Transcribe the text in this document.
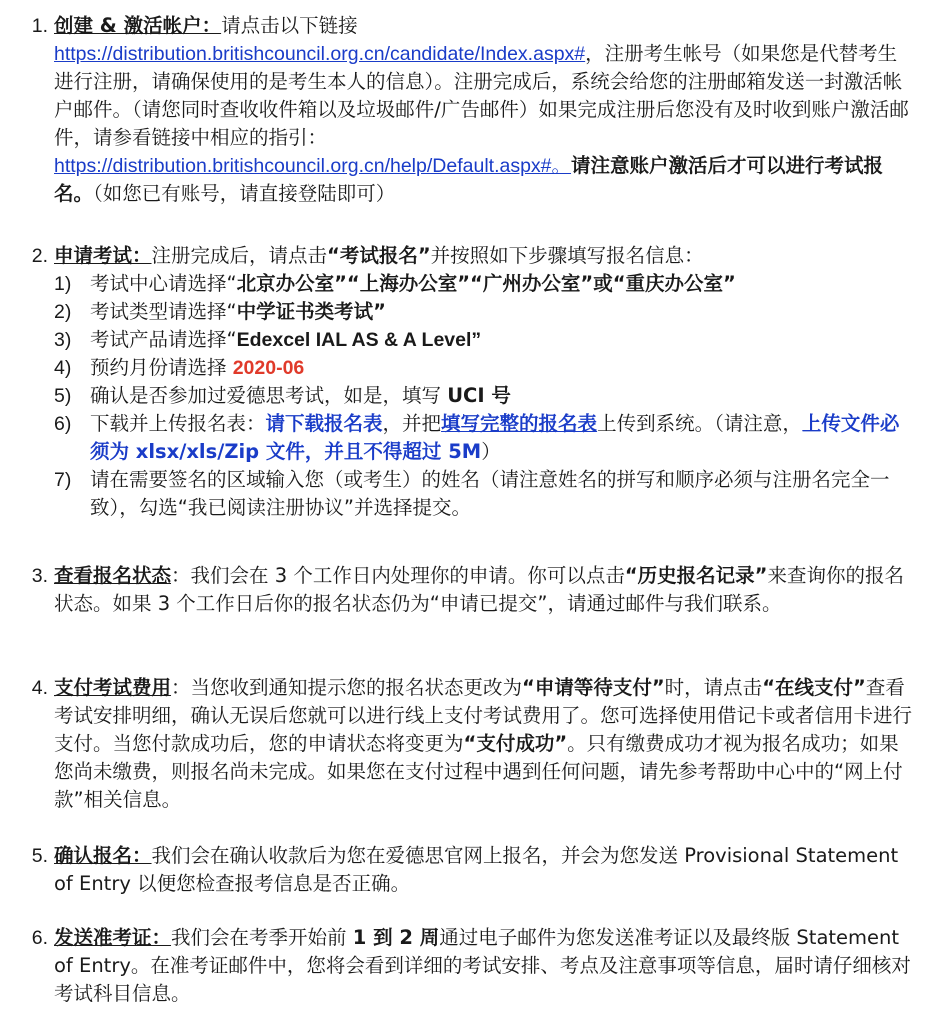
1. 创建 & 激活帐户：请点击以下链接
https://distribution.britishcouncil.org.cn/candidate/Index.aspx#，注册考生帐号（如果您是代替考生进行注册，请确保使用的是考生本人的信息）。注册完成后，系统会给您的注册邮箱发送一封激活帐户邮件。（请您同时查收收件箱以及垃圾邮件/广告邮件）如果完成注册后您没有及时收到账户激活邮件，请参看链接中相应的指引：
https://distribution.britishcouncil.org.cn/help/Default.aspx#。请注意账户激活后才可以进行考试报名。（如您已有账号，请直接登陆即可）
2. 申请考试：注册完成后，请点击“考试报名”并按照如下步骤填写报名信息：
1) 考试中心请选择“北京办公室”“上海办公室”“广州办公室”或“重庆办公室”
2) 考试类型请选择“中学证书类考试”
3) 考试产品请选择“Edexcel IAL AS & A Level”
4) 预约月份请选择 2020-06
5) 确认是否参加过爱德思考试，如是，填写 UCI 号
6) 下载并上传报名表：请下载报名表，并把填写完整的报名表上传到系统。（请注意，上传文件必须为 xlsx/xls/Zip 文件，并且不得超过 5M）
7) 请在需要签名的区域输入您（或考生）的姓名（请注意姓名的拼写和顺序必须与注册名完全一致），勾选“我已阅读注册协议”并选择提交。
3. 查看报名状态：我们会在 3 个工作日内处理你的申请。你可以点击“历史报名记录”来查询你的报名状态。如果 3 个工作日后你的报名状态仍为“申请已提交”，请通过邮件与我们联系。
4. 支付考试费用：当您收到通知提示您的报名状态更改为“申请等待支付”时，请点击“在线支付”查看考试安排明细，确认无误后您就可以进行线上支付考试费用了。您可选择使用借记卡或者信用卡进行支付。当您付款成功后，您的申请状态将变更为“支付成功”。只有缴费成功才视为报名成功；如果您尚未缴费，则报名尚未完成。如果您在支付过程中遇到任何问题，请先参考帮助中心中的“网上付款”相关信息。
5. 确认报名：我们会在确认收款后为您在爱德思官网上报名，并会为您发送 Provisional Statement of Entry 以便您检查报考信息是否正确。
6. 发送准考证：我们会在考季开始前 1 到 2 周通过电子邮件为您发送准考证以及最终版 Statement of Entry。在准考证邮件中，您将会看到详细的考试安排、考点及注意事项等信息，届时请仔细核对考试科目信息。
